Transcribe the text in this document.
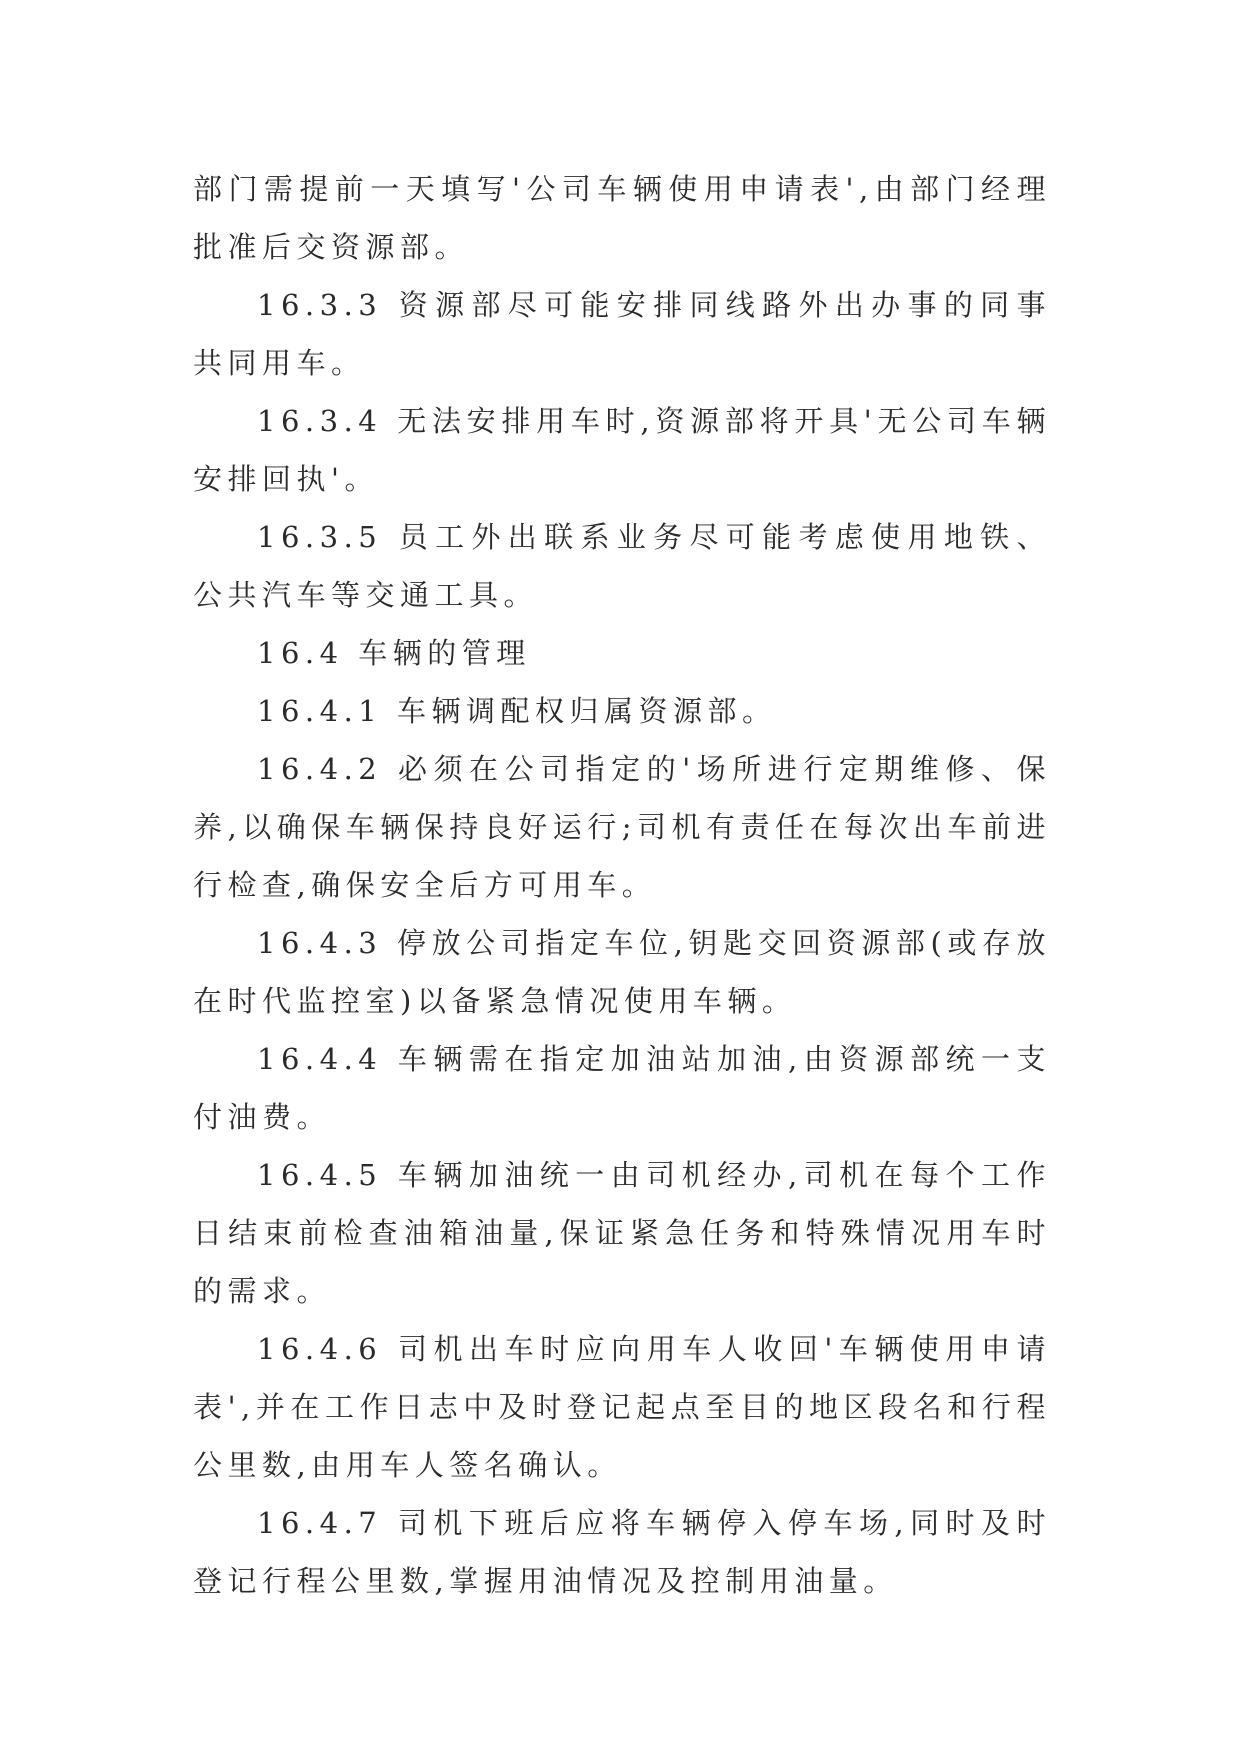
部门需提前一天填写'公司车辆使用申请表',由部门经理批准后交资源部。

16.3.3 资源部尽可能安排同线路外出办事的同事共同用车。

16.3.4 无法安排用车时,资源部将开具'无公司车辆安排回执'。

16.3.5 员工外出联系业务尽可能考虑使用地铁、公共汽车等交通工具。

16.4 车辆的管理

16.4.1 车辆调配权归属资源部。

16.4.2 必须在公司指定的'场所进行定期维修、保养,以确保车辆保持良好运行;司机有责任在每次出车前进行检查,确保安全后方可用车。

16.4.3 停放公司指定车位,钥匙交回资源部(或存放在时代监控室)以备紧急情况使用车辆。

16.4.4 车辆需在指定加油站加油,由资源部统一支付油费。

16.4.5 车辆加油统一由司机经办,司机在每个工作日结束前检查油箱油量,保证紧急任务和特殊情况用车时的需求。

16.4.6 司机出车时应向用车人收回'车辆使用申请表',并在工作日志中及时登记起点至目的地区段名和行程公里数,由用车人签名确认。

16.4.7 司机下班后应将车辆停入停车场,同时及时登记行程公里数,掌握用油情况及控制用油量。
